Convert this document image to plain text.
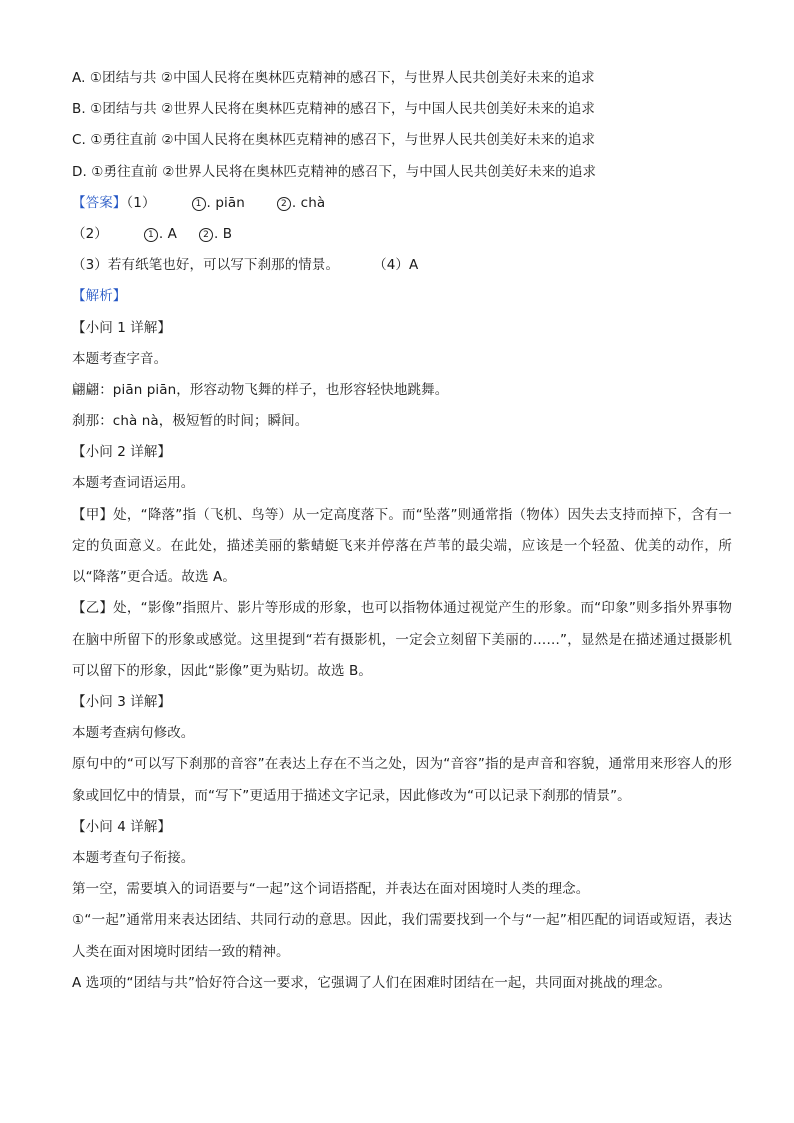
A. ①团结与共 ②中国人民将在奥林匹克精神的感召下，与世界人民共创美好未来的追求
B. ①团结与共 ②世界人民将在奥林匹克精神的感召下，与中国人民共创美好未来的追求
C. ①勇往直前 ②中国人民将在奥林匹克精神的感召下，与世界人民共创美好未来的追求
D. ①勇往直前 ②世界人民将在奥林匹克精神的感召下，与中国人民共创美好未来的追求
【答案】（1）	1 . piān	2 . chà
（2）	1 . A	2 . B
（3）若有纸笔也好，可以写下刹那的情景。	（4）A
【解析】
【小问 1 详解】
本题考查字音。
翩翩：piān piān，形容动物飞舞的样子，也形容轻快地跳舞。
刹那：chà nà，极短暂的时间；瞬间。
【小问 2 详解】
本题考查词语运用。
【甲】处，“降落”指（飞机、鸟等）从一定高度落下。而“坠落”则通常指（物体）因失去支持而掉下，含有一定的负面意义。在此处，描述美丽的紫蜻蜓飞来并停落在芦苇的最尖端，应该是一个轻盈、优美的动作，所以“降落”更合适。故选 A。
【乙】处，“影像”指照片、影片等形成的形象，也可以指物体通过视觉产生的形象。而“印象”则多指外界事物在脑中所留下的形象或感觉。这里提到“若有摄影机，一定会立刻留下美丽的……”，显然是在描述通过摄影机可以留下的形象，因此“影像”更为贴切。故选 B。
【小问 3 详解】
本题考查病句修改。
原句中的“可以写下刹那的音容”在表达上存在不当之处，因为“音容”指的是声音和容貌，通常用来形容人的形象或回忆中的情景，而“写下”更适用于描述文字记录，因此修改为“可以记录下刹那的情景”。
【小问 4 详解】
本题考查句子衔接。
第一空，需要填入的词语要与“一起”这个词语搭配，并表达在面对困境时人类的理念。
①“一起”通常用来表达团结、共同行动的意思。因此，我们需要找到一个与“一起”相匹配的词语或短语，表达人类在面对困境时团结一致的精神。
A 选项的“团结与共”恰好符合这一要求，它强调了人们在困难时团结在一起，共同面对挑战的理念。
